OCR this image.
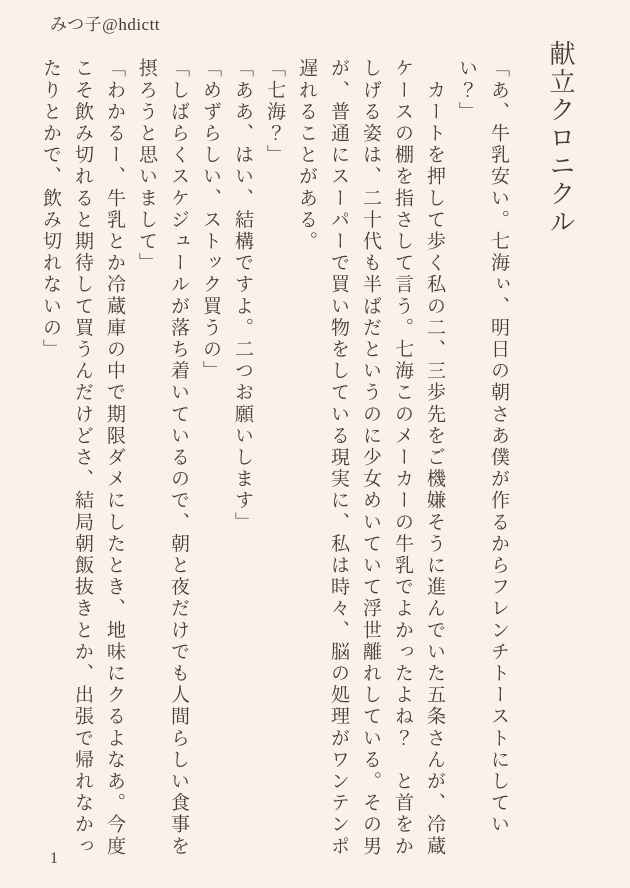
みつ子@hdictt
献立クロニクル
「あ、牛乳安い。七海ぃ、明日の朝さあ僕が作るからフレンチトーストにしてい
い？」
　カートを押して歩く私の二、三歩先をご機嫌そうに進んでいた五条さんが、冷蔵
ケースの棚を指さして言う。七海このメーカーの牛乳でよかったよね？　と首をか
しげる姿は、二十代も半ばだというのに少女めいていて浮世離れしている。その男
が、普通にスーパーで買い物をしている現実に、私は時々、脳の処理がワンテンポ
遅れることがある。
「七海？」
「ああ、はい、結構ですよ。二つお願いします」
「めずらしい、ストック買うの」
「しばらくスケジュールが落ち着いているので、朝と夜だけでも人間らしい食事を
摂ろうと思いまして」
「わかるー、牛乳とか冷蔵庫の中で期限ダメにしたとき、地味にクるよなあ。今度
こそ飲み切れると期待して買うんだけどさ、結局朝飯抜きとか、出張で帰れなかっ
たりとかで、飲み切れないの」
1
